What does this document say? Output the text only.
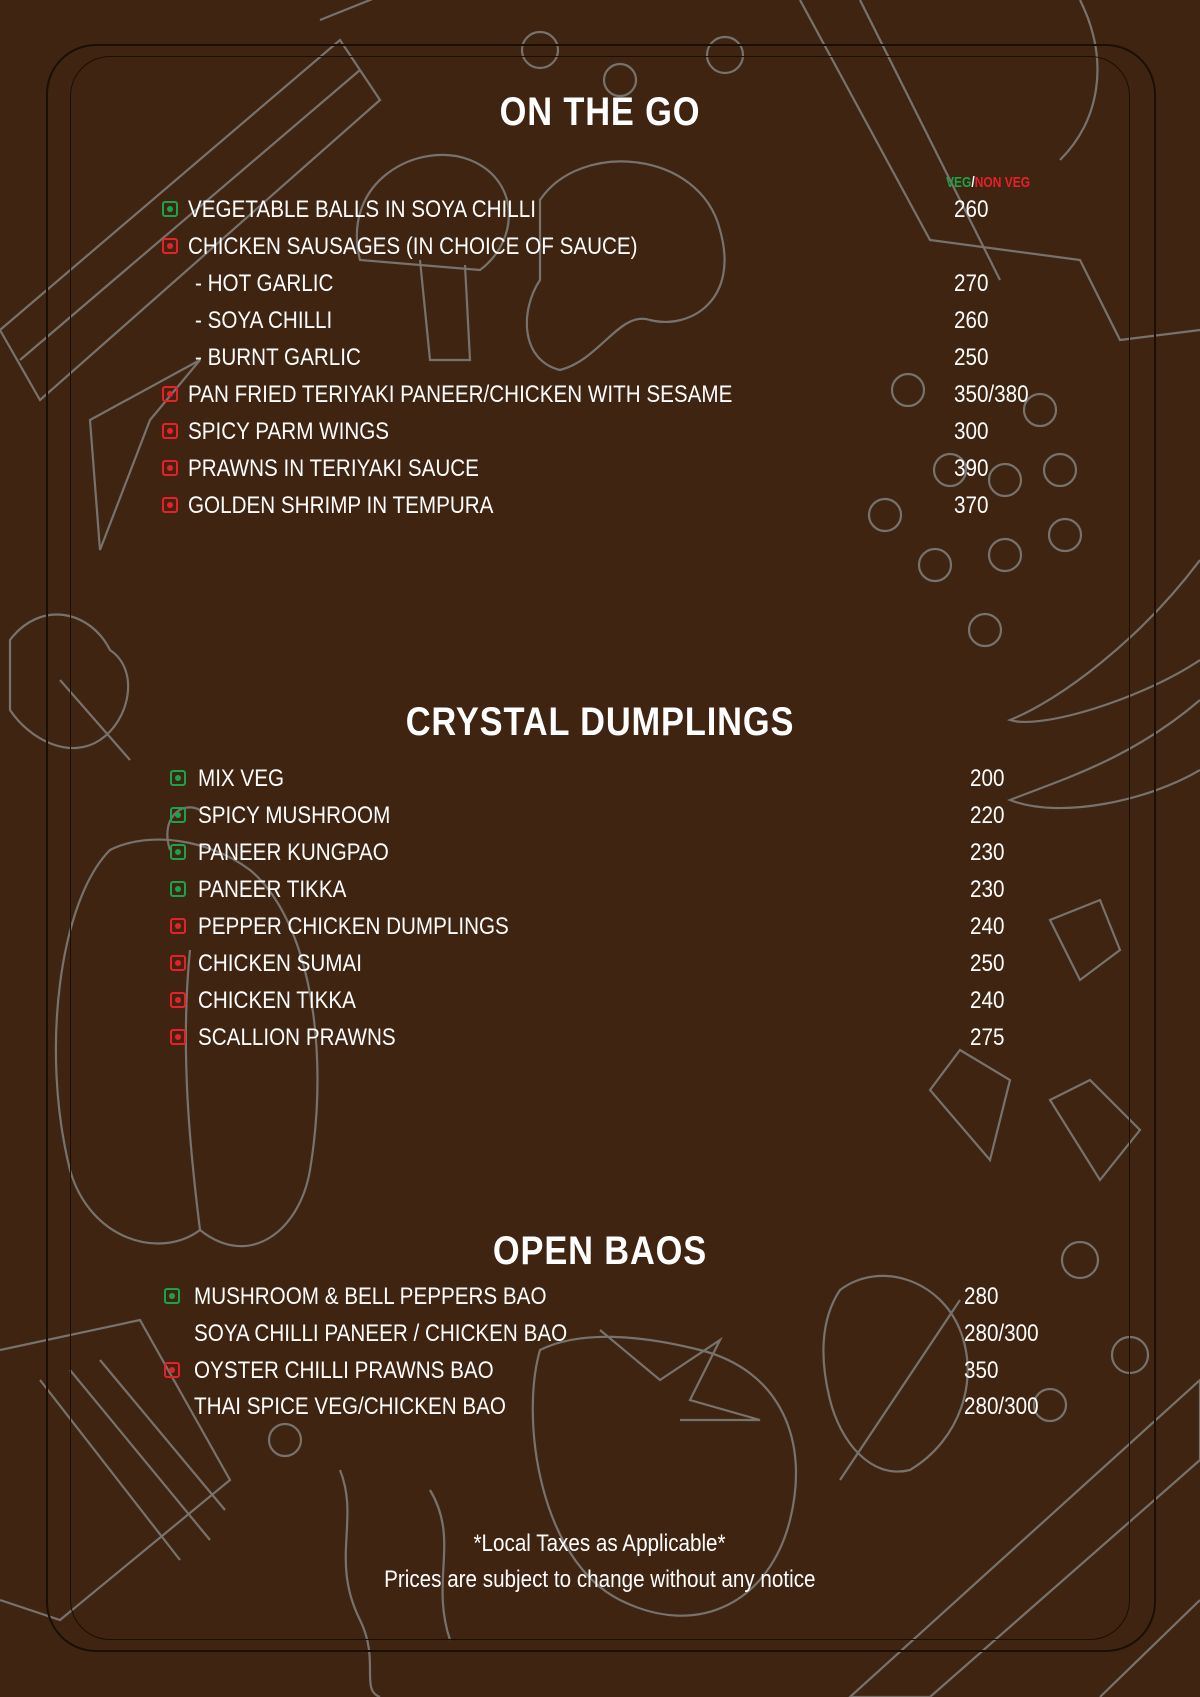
ON THE GO
VEG/NON VEG
VEGETABLE BALLS IN SOYA CHILLI	260
CHICKEN SAUSAGES (IN CHOICE OF SAUCE)
- HOT GARLIC	270
- SOYA CHILLI	260
- BURNT GARLIC	250
PAN FRIED TERIYAKI PANEER/CHICKEN WITH SESAME	350/380
SPICY PARM WINGS	300
PRAWNS IN TERIYAKI SAUCE	390
GOLDEN SHRIMP IN TEMPURA	370
CRYSTAL DUMPLINGS
MIX VEG	200
SPICY MUSHROOM	220
PANEER KUNGPAO	230
PANEER TIKKA	230
PEPPER CHICKEN DUMPLINGS	240
CHICKEN SUMAI	250
CHICKEN TIKKA	240
SCALLION PRAWNS	275
OPEN BAOS
MUSHROOM & BELL PEPPERS BAO	280
SOYA CHILLI PANEER / CHICKEN BAO	280/300
OYSTER CHILLI PRAWNS BAO	350
THAI SPICE VEG/CHICKEN BAO	280/300
*Local Taxes as Applicable*
Prices are subject to change without any notice
